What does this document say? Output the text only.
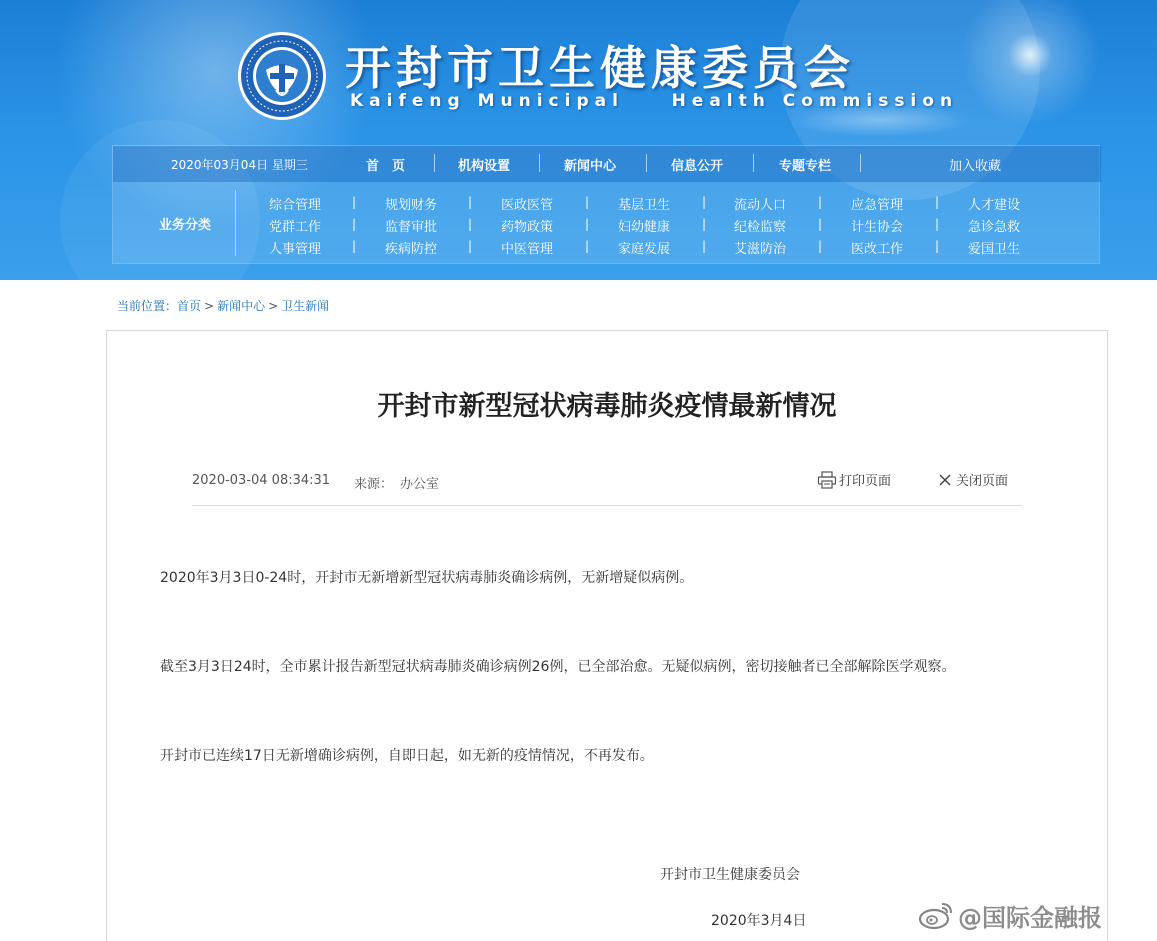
开封市卫生健康委员会
Kaifeng Municipal    Health Commission
2020年03月04日 星期三	首　页	机构设置	新闻中心	信息公开	专题专栏	加入收藏
业务分类
综合管理	| 规划财务	| 医政医管	| 基层卫生	| 流动人口	| 应急管理	| 人才建设
党群工作	| 监督审批	| 药物政策	| 妇幼健康	| 纪检监察	| 计生协会	| 急诊急救
人事管理	| 疾病防控	| 中医管理	| 家庭发展	| 艾滋防治	| 医改工作	| 爱国卫生
当前位置：首页 > 新闻中心 > 卫生新闻
开封市新型冠状病毒肺炎疫情最新情况
2020-03-04 08:34:31 来源： 办公室	打印页面	关闭页面

2020年3月3日0-24时，开封市无新增新型冠状病毒肺炎确诊病例，无新增疑似病例。

截至3月3日24时，全市累计报告新型冠状病毒肺炎确诊病例26例，已全部治愈。无疑似病例，密切接触者已全部解除医学观察。

开封市已连续17日无新增确诊病例，自即日起，如无新的疫情情况，不再发布。

开封市卫生健康委员会

2020年3月4日	@国际金融报
